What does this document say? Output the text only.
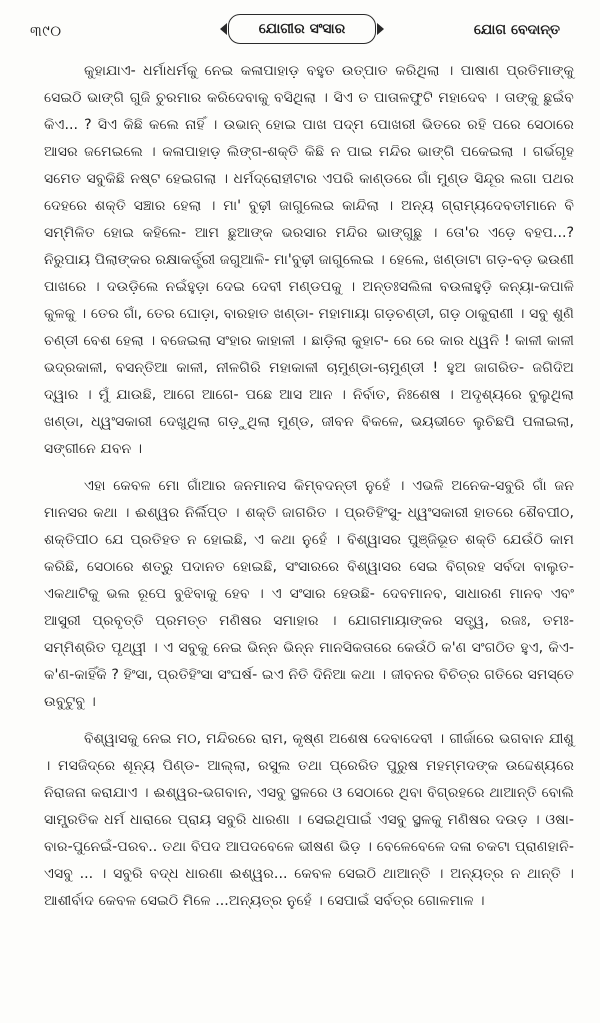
୩୯୦	ଯୋଗୀର ସଂସାର	ଯୋଗ ବେଦାନ୍ତ

କୁହାଯାଏ- ଧର୍ମାଧର୍ମକୁ ନେଇ କଳାପାହାଡ଼ ବହୁତ ଉତ୍ପାତ କରିଥିଲା । ପାଷାଣ ପ୍ରତିମାଙ୍କୁ ସେଇଠି ଭାଙ୍ଗି ଗୁଜି ଚୁରମାର କରିଦେବାକୁ ବସିଥିଲା । ସିଏ ତ ପାତାଳଫୁଟି ମହାଦେବ । ତାଙ୍କୁ ଛୁଇଁବ କିଏ... ? ସିଏ କିଛି କଲେ ନାହିଁ । ଉଭାନ୍ ହୋଇ ପାଖ ପଦ୍ମ ପୋଖରୀ ଭିତରେ ରହି ପରେ ସେଠାରେ ଆସର ଜମେଇଲେ । କଳାପାହାଡ଼ ଲିଙ୍ଗ-ଶକ୍ତି କିଛି ନ ପାଇ ମନ୍ଦିର ଭାଙ୍ଗି ପକେଇଲା । ଗର୍ଭଗୃହ ସମେତ ସବୁକିଛି ନଷ୍ଟ ହେଇଗଲା । ଧର୍ମଦ୍ରୋହୀଟାର ଏପରି କାଣ୍ଡରେ ଗାଁ ମୁଣ୍ଡ ସିନ୍ଦୂର ଲଗା ପଥର ଦେହରେ ଶକ୍ତି ସଞ୍ଚାର ହେଲା । ମା' ବୁଢ଼ୀ ଜାଗୁଲେଇ କାନ୍ଦିଲା । ଅନ୍ୟ ଗ୍ରାମ୍ୟଦେବତୀମାନେ ବି ସମ୍ମିଳିତ ହୋଇ କହିଲେ- ଆମ ଛୁଆଙ୍କ ଭରସାର ମନ୍ଦିର ଭାଙ୍ଗୁଛୁ । ତୋ'ର ଏଡ଼େ ବହପ...? ନିରୁପାୟ ପିଲାଙ୍କର ରକ୍ଷାକର୍ତ୍ତ୍ରୀ ଜଗୁଆଳି- ମା'ବୁଢ଼ୀ ଜାଗୁଲେଇ । ହେଲେ, ଖଣ୍ଡାଟା ଗଡ଼-ବଡ଼ ଭଉଣୀ ପାଖରେ । ଦଉଡ଼ିଲେ ନଇଁହୁଡ଼ା ଦେଇ ଦେବୀ ମଣ୍ଡପକୁ । ଅନ୍ତଃସଲିଳା ବଉଳାହୁଡ଼ି କନ୍ୟା-କପାଳି କୁଳକୁ । ତେର ଗାଁ, ତେର ଘୋଡ଼ା, ବାରହାତ ଖଣ୍ଡା- ମହାମାୟା ଗଡ଼ଚଣ୍ଡୀ, ଗଡ଼ ଠାକୁରାଣୀ । ସବୁ ଶୁଣି ଚଣ୍ଡୀ ବେଶ ହେଲା । ବଜେଇଲା ସଂହାର କାହାଳୀ । ଛାଡ଼ିଲା କୁହାଟ- ରେ ରେ କାର ଧ୍ୱନି ! କାଳୀ କାଳୀ ଭଦ୍ରକାଳୀ, ବସନ୍ତିଆ କାଳୀ, ନୀଳଗିରି ମହାକାଳୀ ଚାମୁଣ୍ଡା-ଚାମୁଣ୍ଡୀ ! ହୁଅ ଜାଗରିତ- ଜଗିଦିଅ ଦ୍ୱାର । ମୁଁ ଯାଉଛି, ଆଗେ ଆଗେ- ପଛେ ଆସ ଆନ । ନିର୍ବାତ, ନିଃଶେଷ । ଅଦୃଶ୍ୟରେ ବୁଲୁଥିଲା ଖଣ୍ଡା, ଧ୍ୱଂସକାରୀ ଦେଖୁଥିଲା ଗଡ଼ୁଥିଲା ମୁଣ୍ଡ, ଜୀବନ ବିକଳେ, ଭୟଭୀତେ ଲୁଚିଛପି ପଳାଇଲା, ସଙ୍ଗୀନେ ଯବନ ।

ଏହା କେବଳ ମୋ ଗାଁଆର ଜନମାନସ କିମ୍ବଦନ୍ତୀ ନୁହେଁ । ଏଭଳି ଅନେକ-ସବୁରି ଗାଁ ଜନ ମାନସର କଥା । ଈଶ୍ୱର ନିର୍ଲିପ୍ତ । ଶକ୍ତି ଜାଗରିତ । ପ୍ରତିହିଂସୁ- ଧ୍ୱଂସକାରୀ ହାତରେ ଶୈବପୀଠ, ଶକ୍ତିପୀଠ ଯେ ପ୍ରତିହତ ନ ହୋଇଛି, ଏ କଥା ନୁହେଁ । ବିଶ୍ୱାସର ପୁଞ୍ଜିଭୂତ ଶକ୍ତି ଯେଉଁଠି କାମ କରିଛି, ସେଠାରେ ଶତ୍ରୁ ପଦାନତ ହୋଇଛି, ସଂସାରରେ ବିଶ୍ୱାସର ସେଇ ବିଗ୍ରହ ସର୍ବଦା ବାଲୁତ- ଏକଥାଟିକୁ ଭଲ ରୂପେ ବୁଝିବାକୁ ହେବ । ଏ ସଂସାର ହେଉଛି- ଦେବମାନବ, ସାଧାରଣ ମାନବ ଏବଂ ଆସୁରୀ ପ୍ରବୃତ୍ତି ପ୍ରମତ୍ତ ମଣିଷର ସମାହାର । ଯୋଗମାୟାଙ୍କର ସତ୍ତ୍ୱ, ରଜଃ, ତମଃ- ସମ୍ମିଶ୍ରିତ ପୃଥ୍ୱୀ । ଏ ସବୁକୁ ନେଇ ଭିନ୍ନ ଭିନ୍ନ ମାନସିକତାରେ କେଉଁଠି କ'ଣ ସଂଗଠିତ ହୁଏ, କିଏ-କ'ଣ-କାହିଁକି ? ହିଂସା, ପ୍ରତିହିଂସା ସଂଘର୍ଷ- ଇଏ ନିତି ଦିନିଆ କଥା । ଜୀବନର ବିଚିତ୍ର ଗତିରେ ସମସ୍ତେ ଉବୁଟୁବୁ ।

ବିଶ୍ୱାସକୁ ନେଇ ମଠ, ମନ୍ଦିରରେ ରାମ, କୃଷ୍ଣ ଅଶେଷ ଦେବାଦେବୀ । ଗୀର୍ଜାରେ ଭଗବାନ ଯୀଶୁ । ମସଜିଦ୍‌ରେ ଶୂନ୍ୟ ପିଣ୍ଡ- ଆଲ୍ଲା, ରସୁଲ ତଥା ପ୍ରେରିତ ପୁରୁଷ ମହମ୍ମଦଙ୍କ ଉଦ୍ଦେଶ୍ୟରେ ନିରାଜନା କରାଯାଏ । ଈଶ୍ୱର-ଭଗବାନ, ଏସବୁ ସ୍ଥଳରେ ଓ ସେଠାରେ ଥିବା ବିଗ୍ରହରେ ଥାଆନ୍ତି ବୋଲି ସାମ୍ପ୍ରତିକ ଧର୍ମ ଧାରାରେ ପ୍ରାୟ ସବୁରି ଧାରଣା । ସେଇଥିପାଇଁ ଏସବୁ ସ୍ଥଳକୁ ମଣିଷର ଦଉଡ଼ । ଓଷା-ବାର-ପୁନେଇଁ-ପରବ.. ତଥା ବିପଦ ଆପଦବେଳେ ଭୀଷଣ ଭିଡ଼ । ବେଳେବେଳେ ଦଳା ଚକଟା ପ୍ରାଣହାନି- ଏସବୁ ... । ସବୁରି ବଦ୍ଧ ଧାରଣା ଈଶ୍ୱର... କେବଳ ସେଇଠି ଥାଆନ୍ତି । ଅନ୍ୟତ୍ର ନ ଥାନ୍ତି । ଆଶୀର୍ବାଦ କେବଳ ସେଇଠି ମିଳେ ...ଅନ୍ୟତ୍ର ନୁହେଁ । ସେପାଇଁ ସର୍ବତ୍ର ଗୋଳମାଳ ।
